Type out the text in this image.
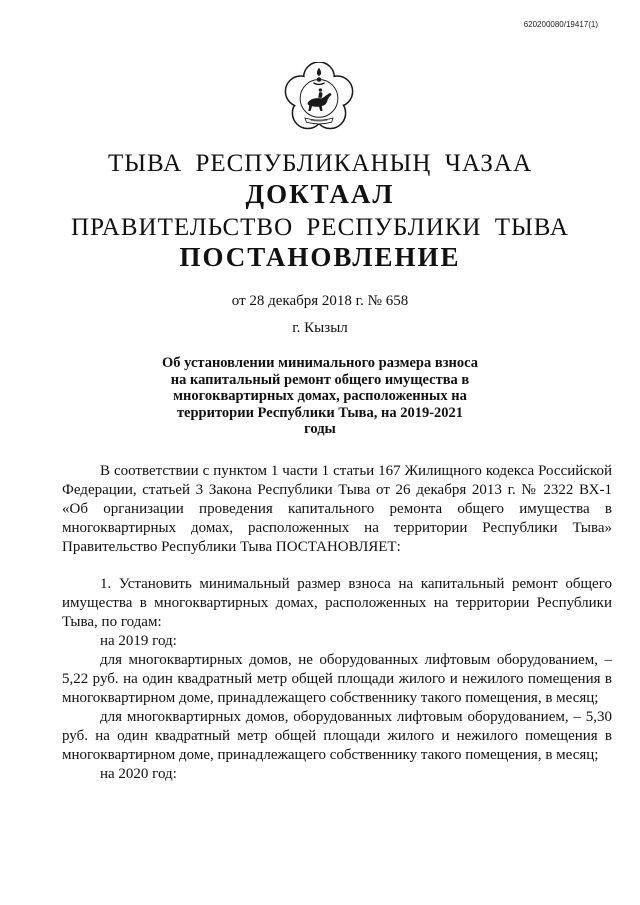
620200080/19417(1)
ТЫВА РЕСПУБЛИКАНЫҢ ЧАЗАА
ДОКТААЛ
ПРАВИТЕЛЬСТВО РЕСПУБЛИКИ ТЫВА
ПОСТАНОВЛЕНИЕ
от 28 декабря 2018 г. № 658
г. Кызыл
Об установлении минимального размера взноса на капитальный ремонт общего имущества в многоквартирных домах, расположенных на территории Республики Тыва, на 2019-2021 годы

В соответствии с пунктом 1 части 1 статьи 167 Жилищного кодекса Российской Федерации, статьей 3 Закона Республики Тыва от 26 декабря 2013 г. № 2322 ВХ-1 «Об организации проведения капитального ремонта общего имущества в многоквартирных домах, расположенных на территории Республики Тыва» Правительство Республики Тыва ПОСТАНОВЛЯЕТ:

1. Установить минимальный размер взноса на капитальный ремонт общего имущества в многоквартирных домах, расположенных на территории Республики Тыва, по годам:

на 2019 год:

для многоквартирных домов, не оборудованных лифтовым оборудованием, – 5,22 руб. на один квадратный метр общей площади жилого и нежилого помещения в многоквартирном доме, принадлежащего собственнику такого помещения, в месяц;

для многоквартирных домов, оборудованных лифтовым оборудованием, – 5,30 руб. на один квадратный метр общей площади жилого и нежилого помещения в многоквартирном доме, принадлежащего собственнику такого помещения, в месяц;

на 2020 год:
